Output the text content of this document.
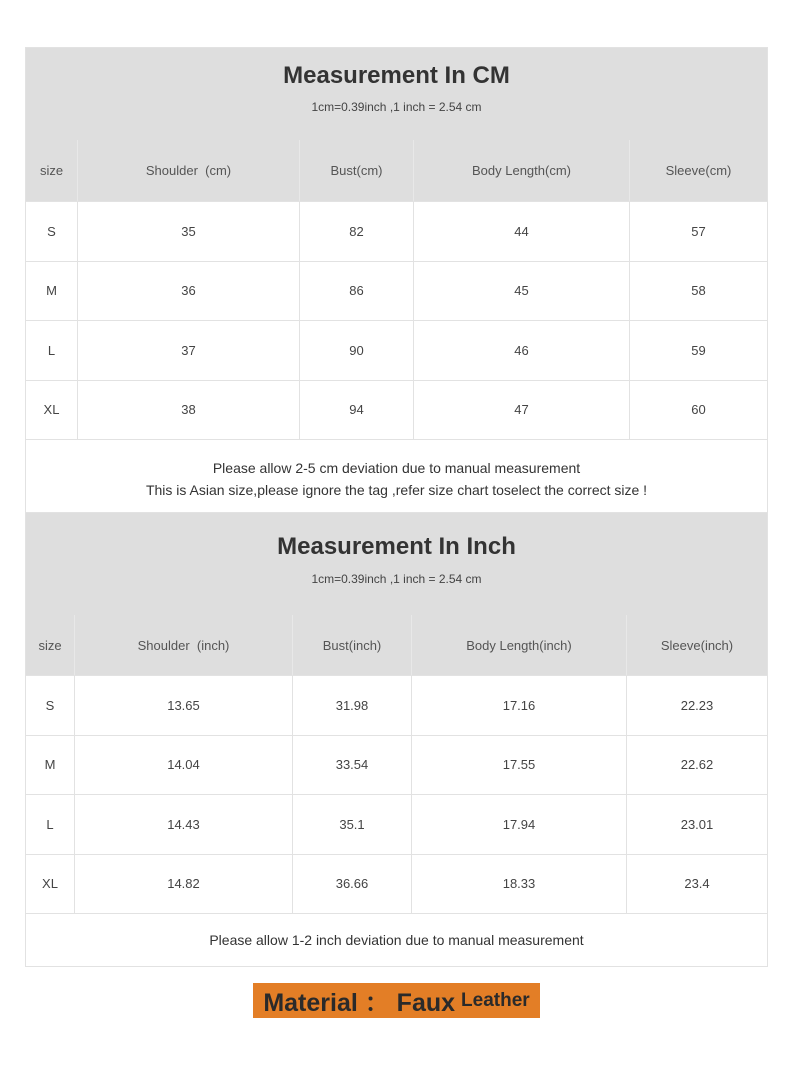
Measurement In CM
1cm=0.39inch ,1 inch = 2.54 cm
size	Shoulder  (cm)	Bust(cm)	Body Length(cm)	Sleeve(cm)
S	35	82	44	57
M	36	86	45	58
L	37	90	46	59
XL	38	94	47	60
Please allow 2-5 cm deviation due to manual measurement
This is Asian size,please ignore the tag ,refer size chart toselect the correct size !
Measurement In Inch
1cm=0.39inch ,1 inch = 2.54 cm
size	Shoulder  (inch)	Bust(inch)	Body Length(inch)	Sleeve(inch)
S	13.65	31.98	17.16	22.23
M	14.04	33.54	17.55	22.62
L	14.43	35.1	17.94	23.01
XL	14.82	36.66	18.33	23.4
Please allow 1-2 inch deviation due to manual measurement
Material ： Faux Leather
